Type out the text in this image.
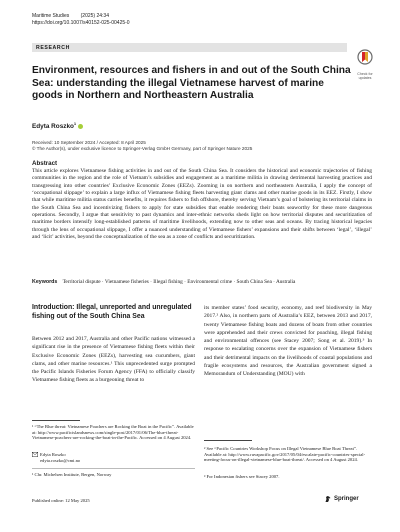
Maritime Studies (2025) 24:34
https://doi.org/10.1007/s40152-025-00425-0
Check for
updates
RESEARCH
Environment, resources and fishers in and out of the South China Sea: understanding the illegal Vietnamese harvest of marine goods in Northern and Northeastern Australia
Edyta Roszko$^1$
Received: 10 September 2024 / Accepted: 8 April 2025
© The Author(s), under exclusive licence to Springer-Verlag GmbH Germany, part of Springer Nature 2025
Abstract
This article explores Vietnamese fishing activities in and out of the South China Sea. It considers the historical and economic trajectories of fishing communities in the region and the role of Vietnam’s subsidies and engagement as a maritime militia in drawing detrimental harvesting practices and transgressing into other countries’ Exclusive Economic Zones (EEZs). Zooming in on northern and northeastern Australia, I apply the concept of ‘occupational slippage’ to explain a large influx of Vietnamese fishing fleets harvesting giant clams and other marine goods in its EEZ. Firstly, I show that while maritime militia status carries benefits, it requires fishers to fish offshore, thereby serving Vietnam’s goal of bolstering its territorial claims in the South China Sea and incentivizing fishers to apply for state subsidies that enable rendering their boats seaworthy for these more dangerous operations. Secondly, I argue that sensitivity to past dynamics and inter-ethnic networks sheds light on how territorial disputes and securitization of maritime borders intensify long-established patterns of maritime livelihoods, extending now to other seas and oceans. By tracing historical legacies through the lens of occupational slippage, I offer a nuanced understanding of Vietnamese fishers’ expansions and their shifts between ‘legal’, ‘illegal’ and ‘licit’ activities, beyond the conceptualization of the sea as a zone of conflicts and securitization.
Keywords Territorial dispute · Vietnamese fisheries · Illegal fishing · Environmental crime · South China Sea · Australia
Introduction: Illegal, unreported and unregulated fishing out of the South China Sea
Between 2012 and 2017, Australia and other Pacific nations witnessed a significant rise in the presence of Vietnamese fishing fleets within their Exclusive Economic Zones (EEZs), harvesting sea cucumbers, giant clams, and other marine resources.¹ This unprecedented surge prompted the Pacific Islands Fisheries Forum Agency (FFA) to officially classify Vietnamese fishing fleets as a burgeoning threat to
its member states’ food security, economy, and reef biodiversity in May 2017.² Also, in northern parts of Australia’s EEZ, between 2013 and 2017, twenty Vietnamese fishing boats and dozens of boats from other countries were apprehended and their crews convicted for poaching, illegal fishing and environmental offences (see Stacey 2007; Song et al. 2019).³ In response to escalating concerns over the expansion of Vietnamese fishers and their detrimental impacts on the livelihoods of coastal populations and fragile ecosystems and resources, the Australian government signed a Memorandum of Understanding (MOU) with
¹ “The Blue threat: Vietnamese Poachers are Rocking the Boat in the Pacific”. Available at: http://www.pacificislandsnews.com/single-post/2017/01/06/The-blue-threat-Vietnamese-poachers-are-rocking-the-boat-in-the-Pacific. Accessed on 4 August 2024.
Edyta Roszko
edyta.roszko@cmi.no
¹ Chr. Michelsen Institute, Bergen, Norway
² See “Pacific Countries Workshop Focus on Illegal Vietnamese Blue Boat Threat”. Available at: http://www.ruvapacific.gov/2017/05/04/escalate-pacific-countries-special-meeting-focus-on-illegal-vietnamese-blue-boat-threat/. Accessed on 4 August 2024.
³ For Indonesian fishers see Stacey 2007.
Published online: 12 May 2025	Springer
